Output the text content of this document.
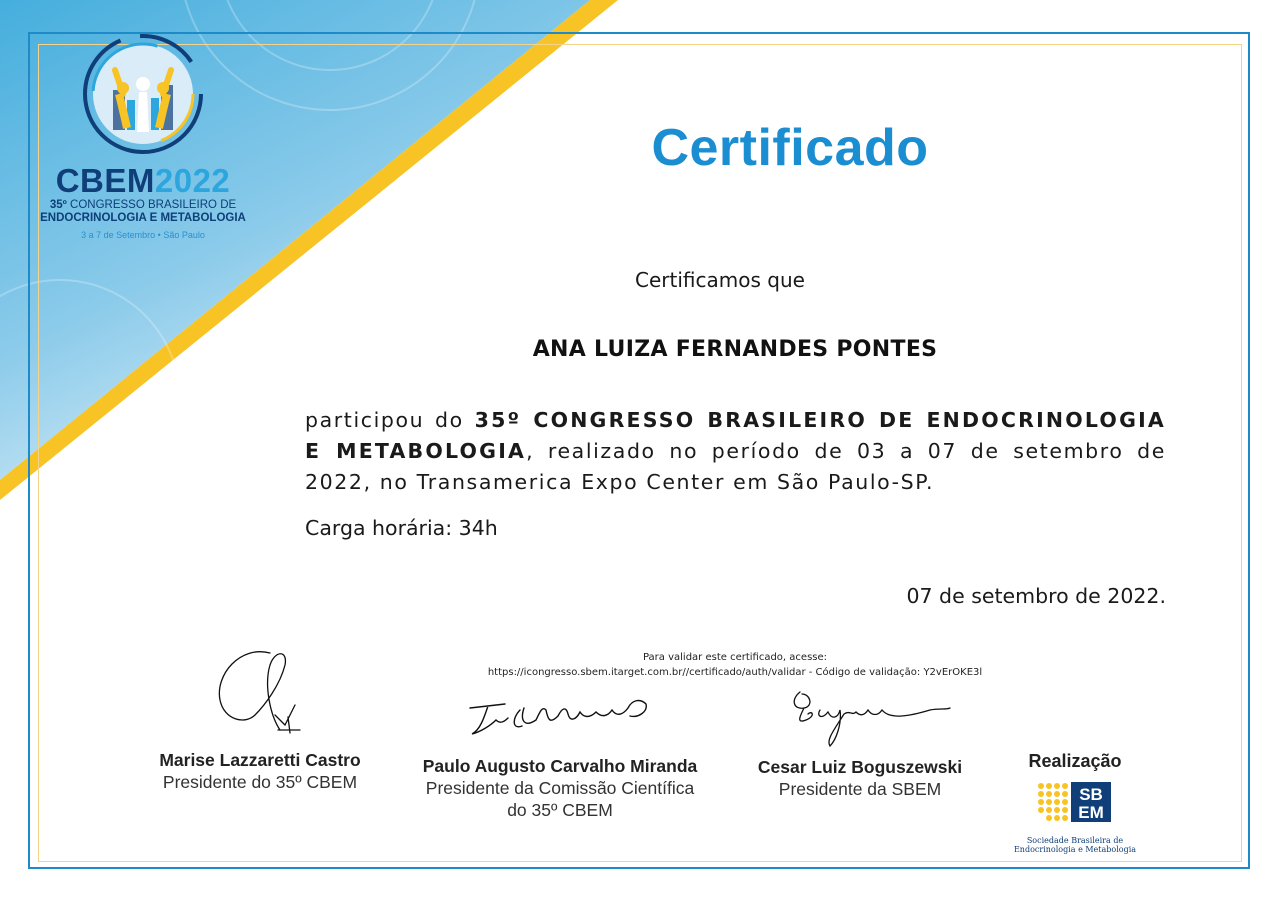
CBEM2022
35º CONGRESSO BRASILEIRO DE
ENDOCRINOLOGIA E METABOLOGIA
3 a 7 de Setembro • São Paulo
Certificado
Certificamos que
ANA LUIZA FERNANDES PONTES
participou do 35º CONGRESSO BRASILEIRO DE ENDOCRINOLOGIA E METABOLOGIA, realizado no período de 03 a 07 de setembro de 2022, no Transamerica Expo Center em São Paulo-SP.
Carga horária: 34h
07 de setembro de 2022.
Para validar este certificado, acesse:
https://icongresso.sbem.itarget.com.br//certificado/auth/validar - Código de validação: Y2vErOKE3l
Marise Lazzaretti Castro
Presidente do 35º CBEM
Paulo Augusto Carvalho Miranda
Presidente da Comissão Científica do 35º CBEM
Cesar Luiz Boguszewski
Presidente da SBEM
Realização
SB
EM
Sociedade Brasileira de
Endocrinologia e Metabologia
